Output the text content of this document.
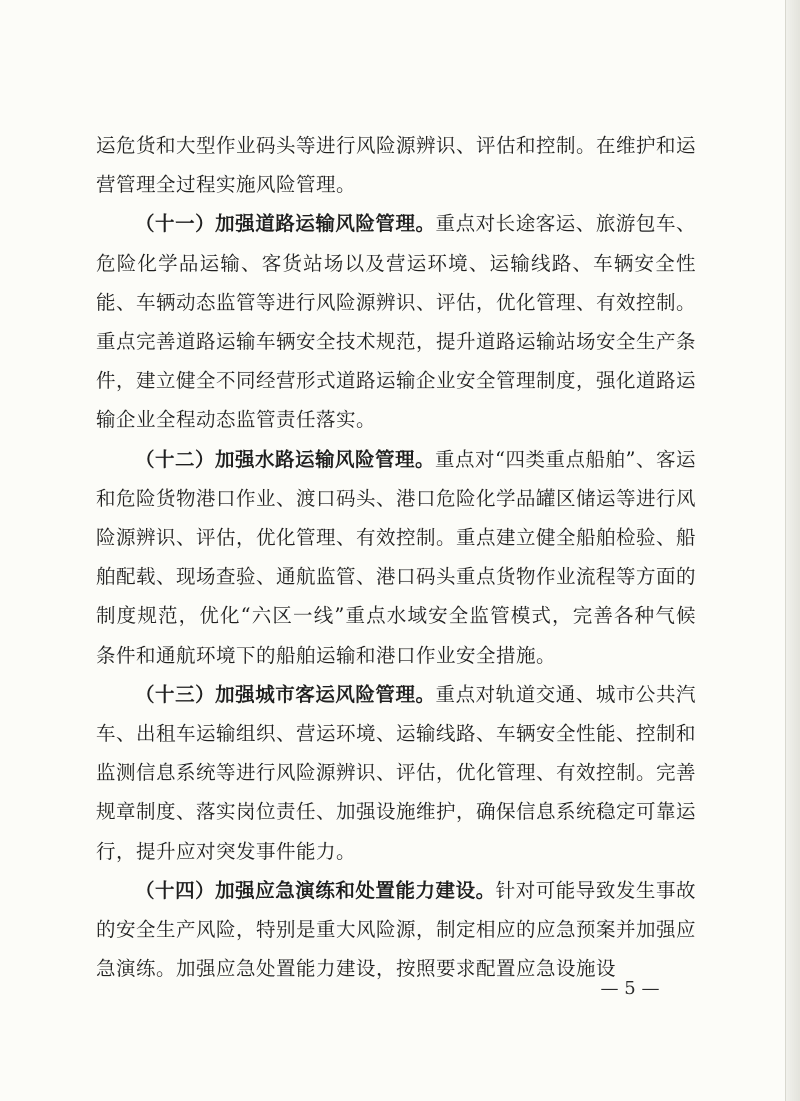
运危货和大型作业码头等进行风险源辨识、评估和控制。在维护和运营管理全过程实施风险管理。

（十一）加强道路运输风险管理。重点对长途客运、旅游包车、危险化学品运输、客货站场以及营运环境、运输线路、车辆安全性能、车辆动态监管等进行风险源辨识、评估，优化管理、有效控制。重点完善道路运输车辆安全技术规范，提升道路运输站场安全生产条件，建立健全不同经营形式道路运输企业安全管理制度，强化道路运输企业全程动态监管责任落实。

（十二）加强水路运输风险管理。重点对“四类重点船舶”、客运和危险货物港口作业、渡口码头、港口危险化学品罐区储运等进行风险源辨识、评估，优化管理、有效控制。重点建立健全船舶检验、船舶配载、现场查验、通航监管、港口码头重点货物作业流程等方面的制度规范，优化“六区一线”重点水域安全监管模式，完善各种气候条件和通航环境下的船舶运输和港口作业安全措施。

（十三）加强城市客运风险管理。重点对轨道交通、城市公共汽车、出租车运输组织、营运环境、运输线路、车辆安全性能、控制和监测信息系统等进行风险源辨识、评估，优化管理、有效控制。完善规章制度、落实岗位责任、加强设施维护，确保信息系统稳定可靠运行，提升应对突发事件能力。

（十四）加强应急演练和处置能力建设。针对可能导致发生事故的安全生产风险，特别是重大风险源，制定相应的应急预案并加强应急演练。加强应急处置能力建设，按照要求配置应急设施设

— 5 —
